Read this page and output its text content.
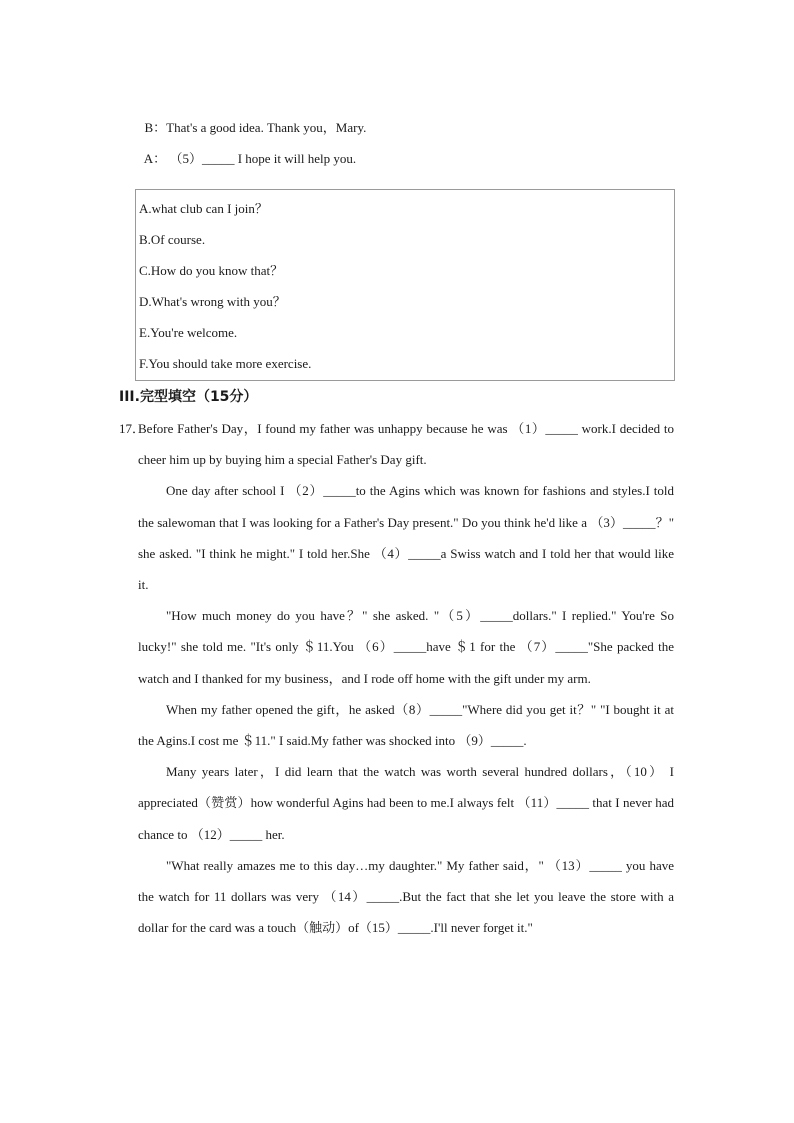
B：That's a good idea. Thank you，Mary.

A： （5）_____ I hope it will help you.

A.what club can I join？
B.Of course.
C.How do you know that？
D.What's wrong with you？
E.You're welcome.
F.You should take more exercise.
III.完型填空（15分）
17．
Before Father's Day，I found my father was unhappy because he was （1）_____ work.I decided to cheer him up by buying him a special Father's Day gift.
One day after school I （2）_____to the Agins which was known for fashions and styles.I told the salewoman that I was looking for a Father's Day present." Do you think he'd like a （3）_____？" she asked. "I think he might." I told her.She （4）_____a Swiss watch and I told her that would like it.
"How much money do you have？" she asked. "（5）_____dollars." I replied." You're So lucky!" she told me. "It's only ＄11.You （6）_____have ＄1 for the （7）_____"She packed the watch and I thanked for my business，and I rode off home with the gift under my arm.
When my father opened the gift，he asked（8）_____"Where did you get it？" "I bought it at the Agins.I cost me ＄11." I said.My father was shocked into （9）_____.
Many years later，I did learn that the watch was worth several hundred dollars，（10） I appreciated（赞赏）how wonderful Agins had been to me.I always felt （11）_____ that I never had chance to （12）_____ her.
"What really amazes me to this day…my daughter." My father said，" （13）_____ you have the watch for 11 dollars was very （14）_____.But the fact that she let you leave the store with a dollar for the card was a touch（触动）of（15）_____.I'll never forget it."
